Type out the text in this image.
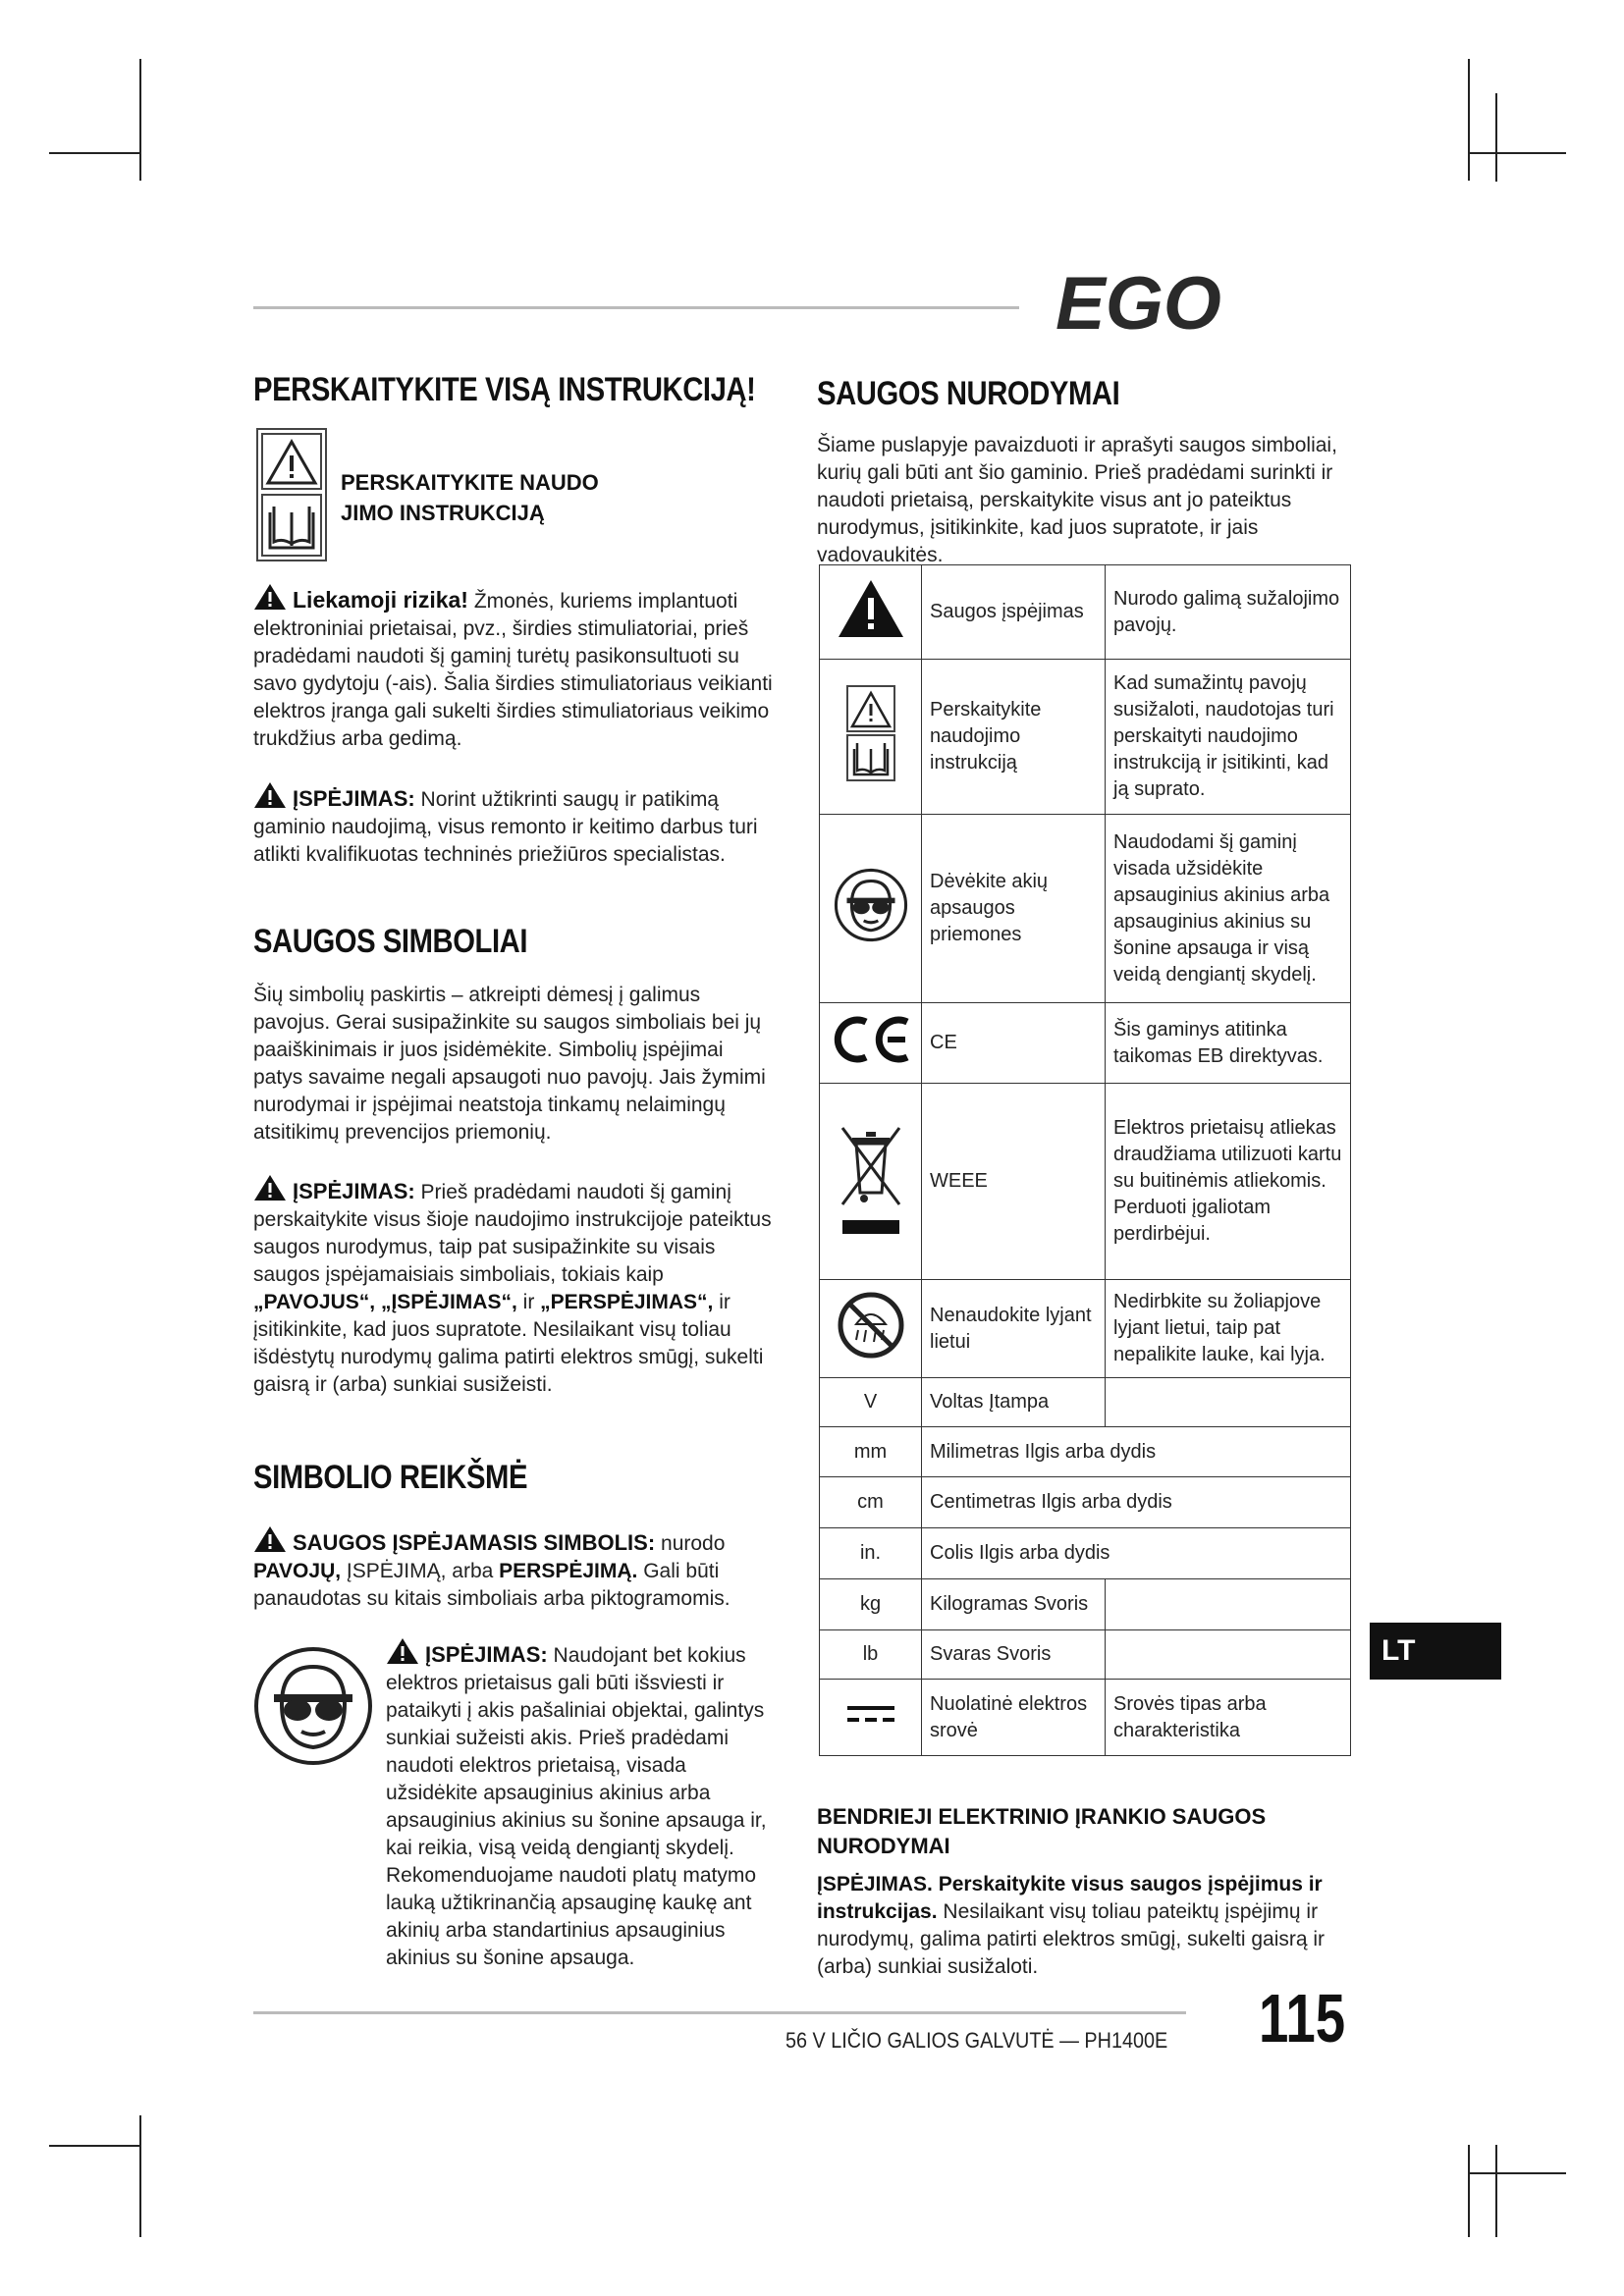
EGO
PERSKAITYKITE VISĄ INSTRUKCIJĄ!
PERSKAITYKITE NAUDO
JIMO INSTRUKCIJĄ
Liekamoji rizika! Žmonės, kuriems implantuoti elektroniniai prietaisai, pvz., širdies stimuliatoriai, prieš pradėdami naudoti šį gaminį turėtų pasikonsultuoti su savo gydytoju (-ais). Šalia širdies stimuliatoriaus veikianti elektros įranga gali sukelti širdies stimuliatoriaus veikimo trukdžius arba gedimą.
ĮSPĖJIMAS: Norint užtikrinti saugų ir patikimą gaminio naudojimą, visus remonto ir keitimo darbus turi atlikti kvalifikuotas techninės priežiūros specialistas.
SAUGOS SIMBOLIAI
Šių simbolių paskirtis – atkreipti dėmesį į galimus pavojus. Gerai susipažinkite su saugos simboliais bei jų paaiškinimais ir juos įsidėmėkite. Simbolių įspėjimai patys savaime negali apsaugoti nuo pavojų. Jais žymimi nurodymai ir įspėjimai neatstoja tinkamų nelaimingų atsitikimų prevencijos priemonių.
ĮSPĖJIMAS: Prieš pradėdami naudoti šį gaminį perskaitykite visus šioje naudojimo instrukcijoje pateiktus saugos nurodymus, taip pat susipažinkite su visais saugos įspėjamaisiais simboliais, tokiais kaip „PAVOJUS“, „ĮSPĖJIMAS“, ir „PERSPĖJIMAS“, ir įsitikinkite, kad juos supratote. Nesilaikant visų toliau išdėstytų nurodymų galima patirti elektros smūgį, sukelti gaisrą ir (arba) sunkiai susižeisti.
SIMBOLIO REIKŠMĖ
SAUGOS ĮSPĖJAMASIS SIMBOLIS: nurodo PAVOJŲ, ĮSPĖJIMĄ, arba PERSPĖJIMĄ. Gali būti panaudotas su kitais simboliais arba piktogramomis.
ĮSPĖJIMAS: Naudojant bet kokius elektros prietaisus gali būti išsviesti ir pataikyti į akis pašaliniai objektai, galintys sunkiai sužeisti akis. Prieš pradėdami naudoti elektros prietaisą, visada užsidėkite apsauginius akinius arba apsauginius akinius su šonine apsauga ir, kai reikia, visą veidą dengiantį skydelį. Rekomenduojame naudoti platų matymo lauką užtikrinančią apsauginę kaukę ant akinių arba standartinius apsauginius akinius su šonine apsauga.
SAUGOS NURODYMAI
Šiame puslapyje pavaizduoti ir aprašyti saugos simboliai, kurių gali būti ant šio gaminio. Prieš pradėdami surinkti ir naudoti prietaisą, perskaitykite visus ant jo pateiktus nurodymus, įsitikinkite, kad juos supratote, ir jais vadovaukitės.
	Saugos įspėjimas	Nurodo galimą sužalojimo pavojų.
	Perskaitykite naudojimo instrukciją	Kad sumažintų pavojų susižaloti, naudotojas turi perskaityti naudojimo instrukciją ir įsitikinti, kad ją suprato.
	Dėvėkite akių apsaugos priemones	Naudodami šį gaminį visada užsidėkite apsauginius akinius arba apsauginius akinius su šonine apsauga ir visą veidą dengiantį skydelį.
	CE	Šis gaminys atitinka taikomas EB direktyvas.
	WEEE	Elektros prietaisų atliekas draudžiama utilizuoti kartu su buitinėmis atliekomis. Perduoti įgaliotam perdirbėjui.
	Nenaudokite lyjant lietui	Nedirbkite su žoliapjove lyjant lietui, taip pat nepalikite lauke, kai lyja.
V	Voltas Įtampa	
mm	Milimetras Ilgis arba dydis	
cm	Centimetras Ilgis arba dydis	
in.	Colis Ilgis arba dydis	
kg	Kilogramas Svoris	
lb	Svaras Svoris	
	Nuolatinė elektros srovė	Srovės tipas arba charakteristika
BENDRIEJI ELEKTRINIO ĮRANKIO SAUGOS NURODYMAI
ĮSPĖJIMAS. Perskaitykite visus saugos įspėjimus ir instrukcijas. Nesilaikant visų toliau pateiktų įspėjimų ir nurodymų, galima patirti elektros smūgį, sukelti gaisrą ir (arba) sunkiai susižaloti.
LT
56 V LIČIO GALIOS GALVUTĖ — PH1400E 115
